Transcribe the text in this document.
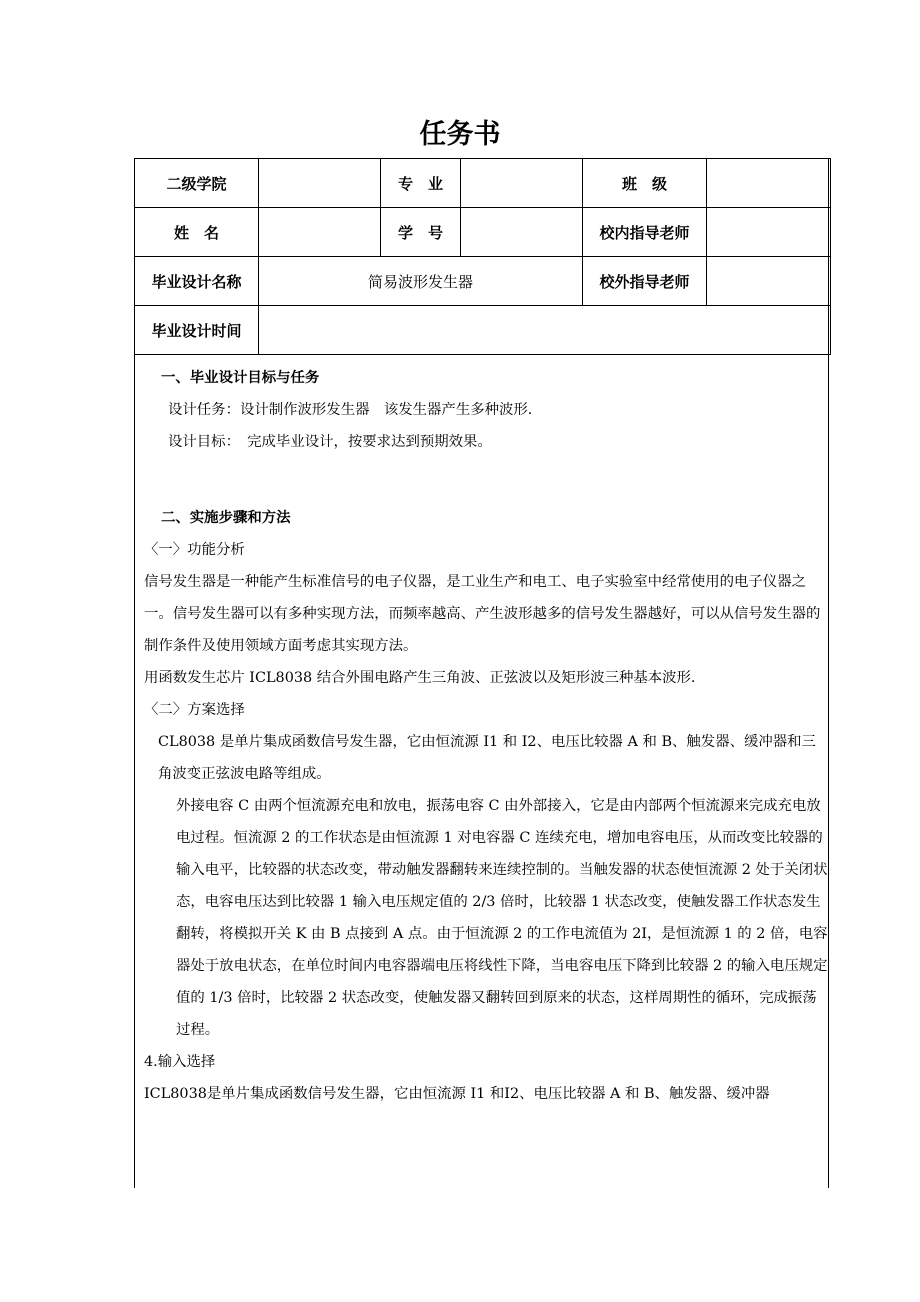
任务书
二级学院		专　业		班　级	
姓　名		学　号		校内指导老师	
毕业设计名称	简易波形发生器			校外指导老师	
毕业设计时间					

一、毕业设计目标与任务

设计任务：设计制作波形发生器　该发生器产生多种波形.

设计目标：　完成毕业设计，按要求达到预期效果。

二、实施步骤和方法

〈一〉功能分析

信号发生器是一种能产生标准信号的电子仪器，是工业生产和电工、电子实验室中经常使用的电子仪器之一。信号发生器可以有多种实现方法，而频率越高、产生波形越多的信号发生器越好，可以从信号发生器的制作条件及使用领域方面考虑其实现方法。

用函数发生芯片 ICL8038 结合外围电路产生三角波、正弦波以及矩形波三种基本波形.

〈二〉方案选择

CL8038 是单片集成函数信号发生器，它由恒流源 I1 和 I2、电压比较器 A 和 B、触发器、缓冲器和三角波变正弦波电路等组成。

外接电容 C 由两个恒流源充电和放电，振荡电容 C 由外部接入，它是由内部两个恒流源来完成充电放电过程。恒流源 2 的工作状态是由恒流源 1 对电容器 C 连续充电，增加电容电压，从而改变比较器的输入电平，比较器的状态改变，带动触发器翻转来连续控制的。当触发器的状态使恒流源 2 处于关闭状态，电容电压达到比较器 1 输入电压规定值的 2/3 倍时，比较器 1 状态改变，使触发器工作状态发生翻转，将模拟开关 K 由 B 点接到 A 点。由于恒流源 2 的工作电流值为 2I，是恒流源 1 的 2 倍，电容器处于放电状态，在单位时间内电容器端电压将线性下降，当电容电压下降到比较器 2 的输入电压规定值的 1/3 倍时，比较器 2 状态改变，使触发器又翻转回到原来的状态，这样周期性的循环，完成振荡过程。

4.输入选择

ICL8038是单片集成函数信号发生器，它由恒流源 I1 和I2、电压比较器 A 和 B、触发器、缓冲器
